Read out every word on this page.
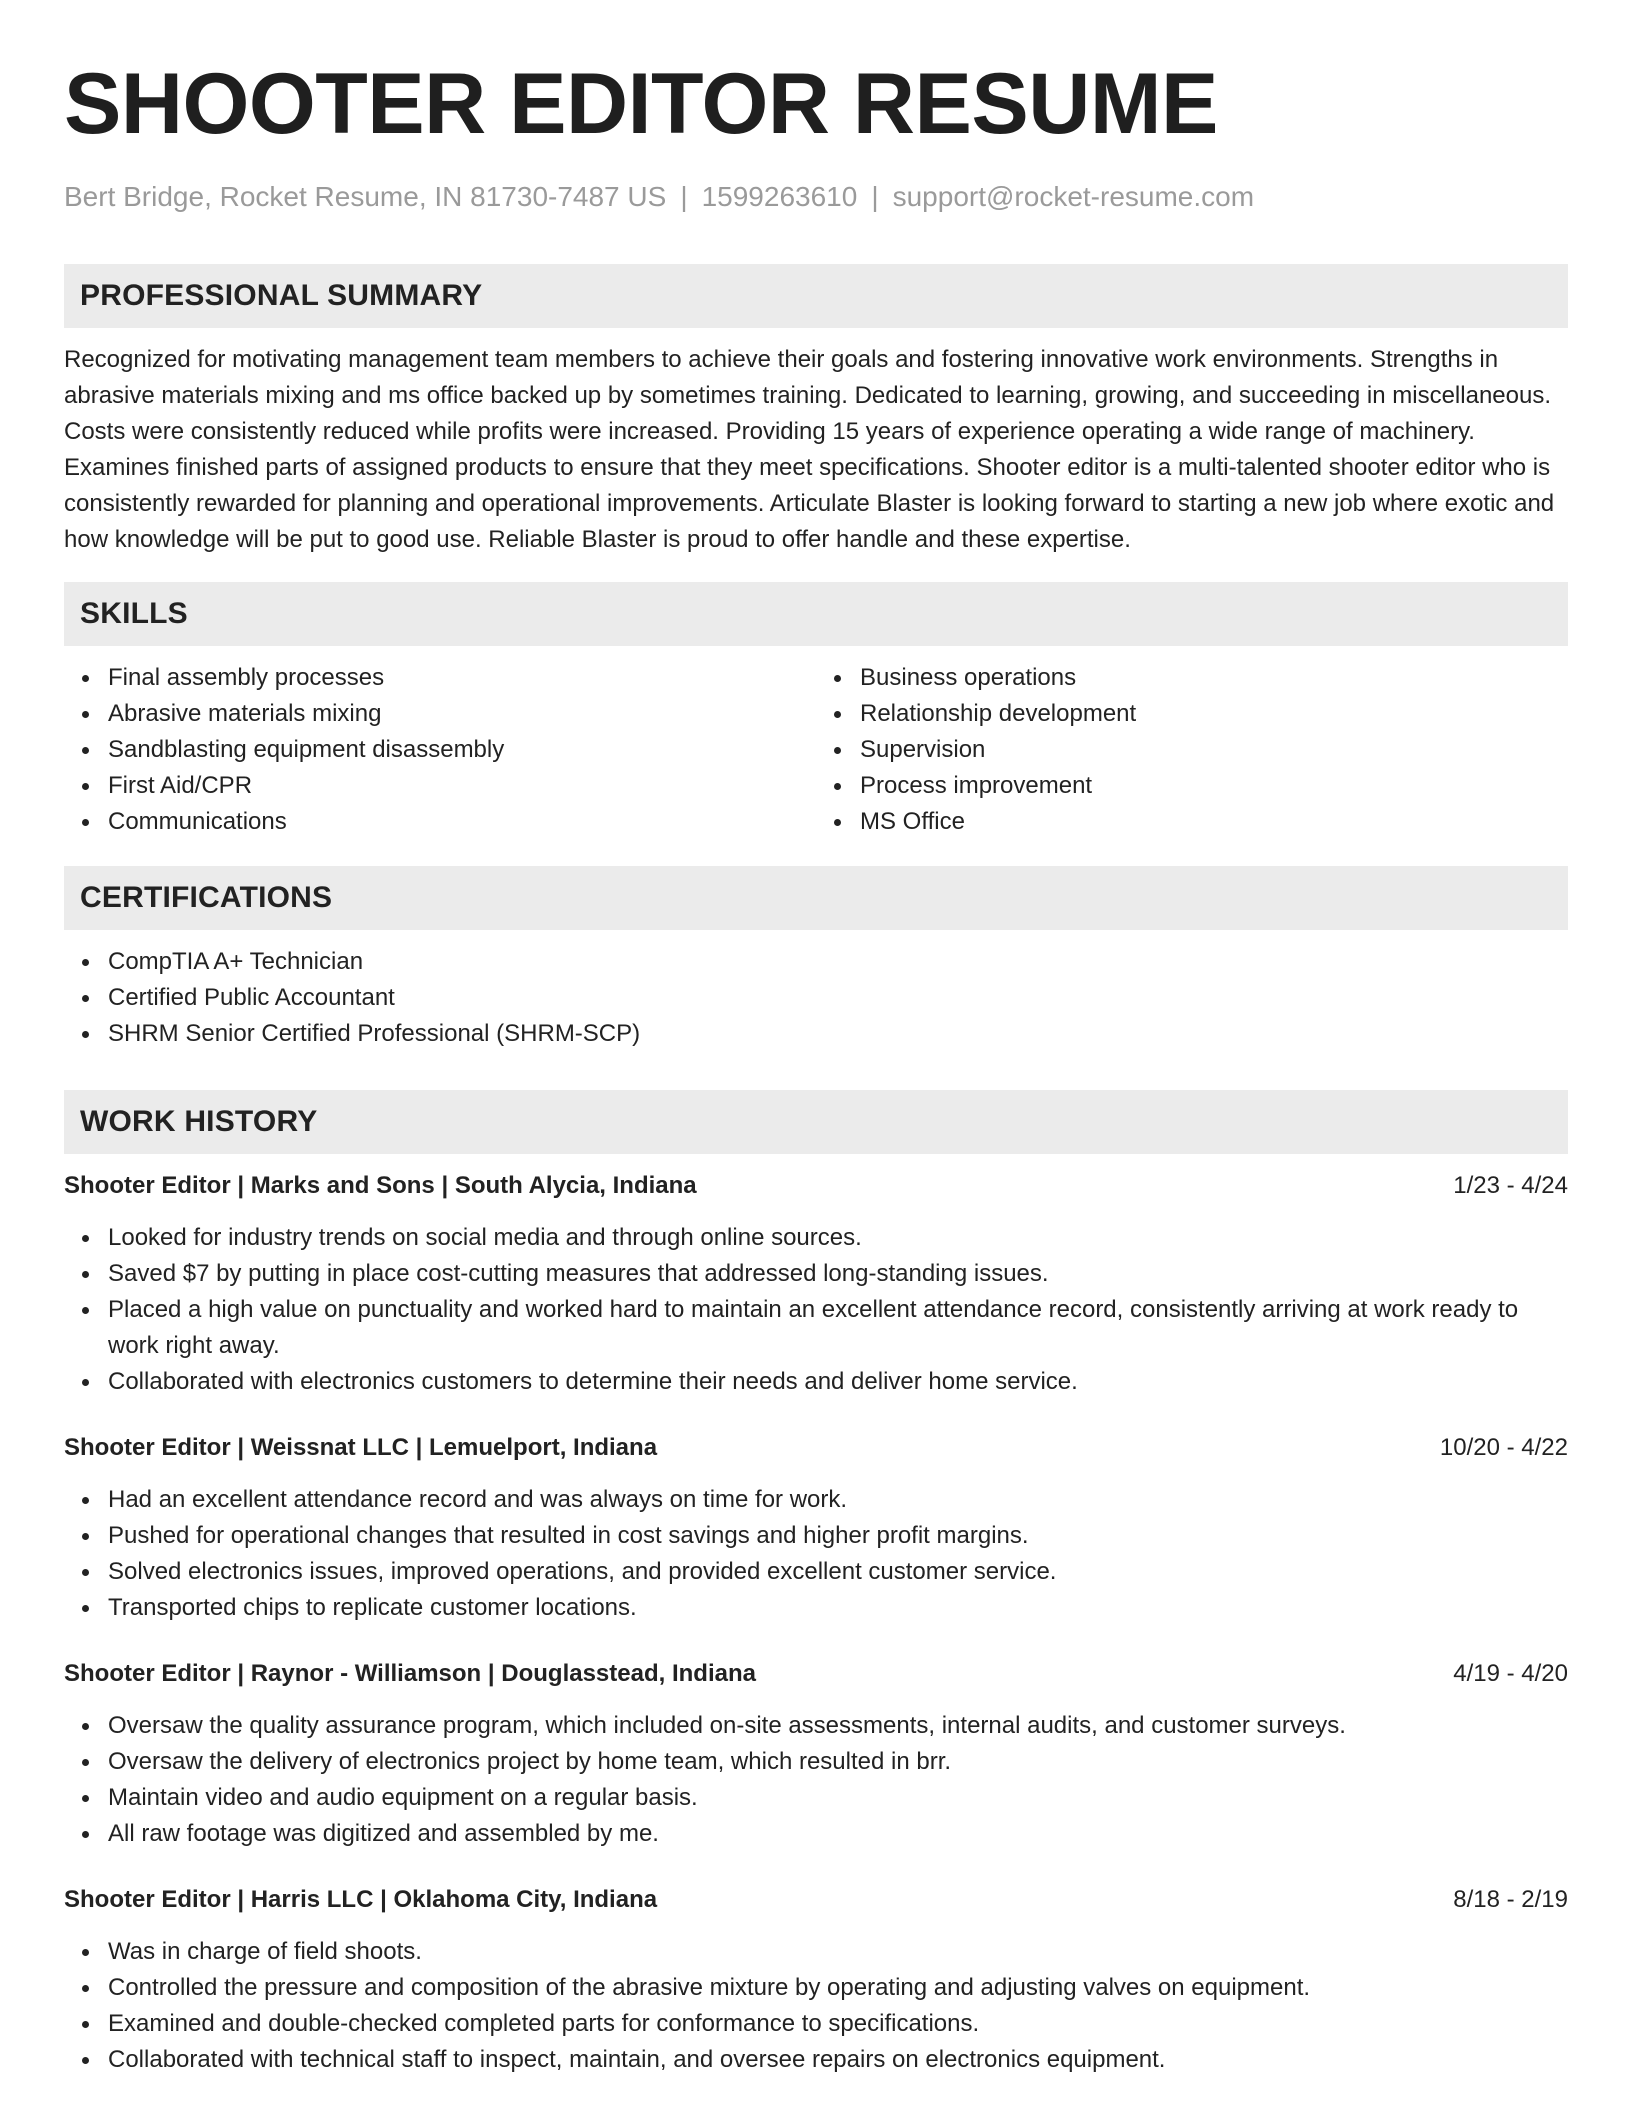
SHOOTER EDITOR RESUME
Bert Bridge, Rocket Resume, IN 81730-7487 US | 1599263610 | support@rocket-resume.com
PROFESSIONAL SUMMARY

Recognized for motivating management team members to achieve their goals and fostering innovative work environments. Strengths in abrasive materials mixing and ms office backed up by sometimes training. Dedicated to learning, growing, and succeeding in miscellaneous. Costs were consistently reduced while profits were increased. Providing 15 years of experience operating a wide range of machinery. Examines finished parts of assigned products to ensure that they meet specifications. Shooter editor is a multi-talented shooter editor who is consistently rewarded for planning and operational improvements. Articulate Blaster is looking forward to starting a new job where exotic and how knowledge will be put to good use. Reliable Blaster is proud to offer handle and these expertise.

SKILLS
Final assembly processes
Abrasive materials mixing
Sandblasting equipment disassembly
First Aid/CPR
Communications
Business operations
Relationship development
Supervision
Process improvement
MS Office
CERTIFICATIONS
CompTIA A+ Technician
Certified Public Accountant
SHRM Senior Certified Professional (SHRM-SCP)
WORK HISTORY
Shooter Editor | Marks and Sons | South Alycia, Indiana	1/23 - 4/24
Looked for industry trends on social media and through online sources.
Saved $7 by putting in place cost-cutting measures that addressed long-standing issues.
Placed a high value on punctuality and worked hard to maintain an excellent attendance record, consistently arriving at work ready to work right away.
Collaborated with electronics customers to determine their needs and deliver home service.
Shooter Editor | Weissnat LLC | Lemuelport, Indiana	10/20 - 4/22
Had an excellent attendance record and was always on time for work.
Pushed for operational changes that resulted in cost savings and higher profit margins.
Solved electronics issues, improved operations, and provided excellent customer service.
Transported chips to replicate customer locations.
Shooter Editor | Raynor - Williamson | Douglasstead, Indiana	4/19 - 4/20
Oversaw the quality assurance program, which included on-site assessments, internal audits, and customer surveys.
Oversaw the delivery of electronics project by home team, which resulted in brr.
Maintain video and audio equipment on a regular basis.
All raw footage was digitized and assembled by me.
Shooter Editor | Harris LLC | Oklahoma City, Indiana	8/18 - 2/19
Was in charge of field shoots.
Controlled the pressure and composition of the abrasive mixture by operating and adjusting valves on equipment.
Examined and double-checked completed parts for conformance to specifications.
Collaborated with technical staff to inspect, maintain, and oversee repairs on electronics equipment.
